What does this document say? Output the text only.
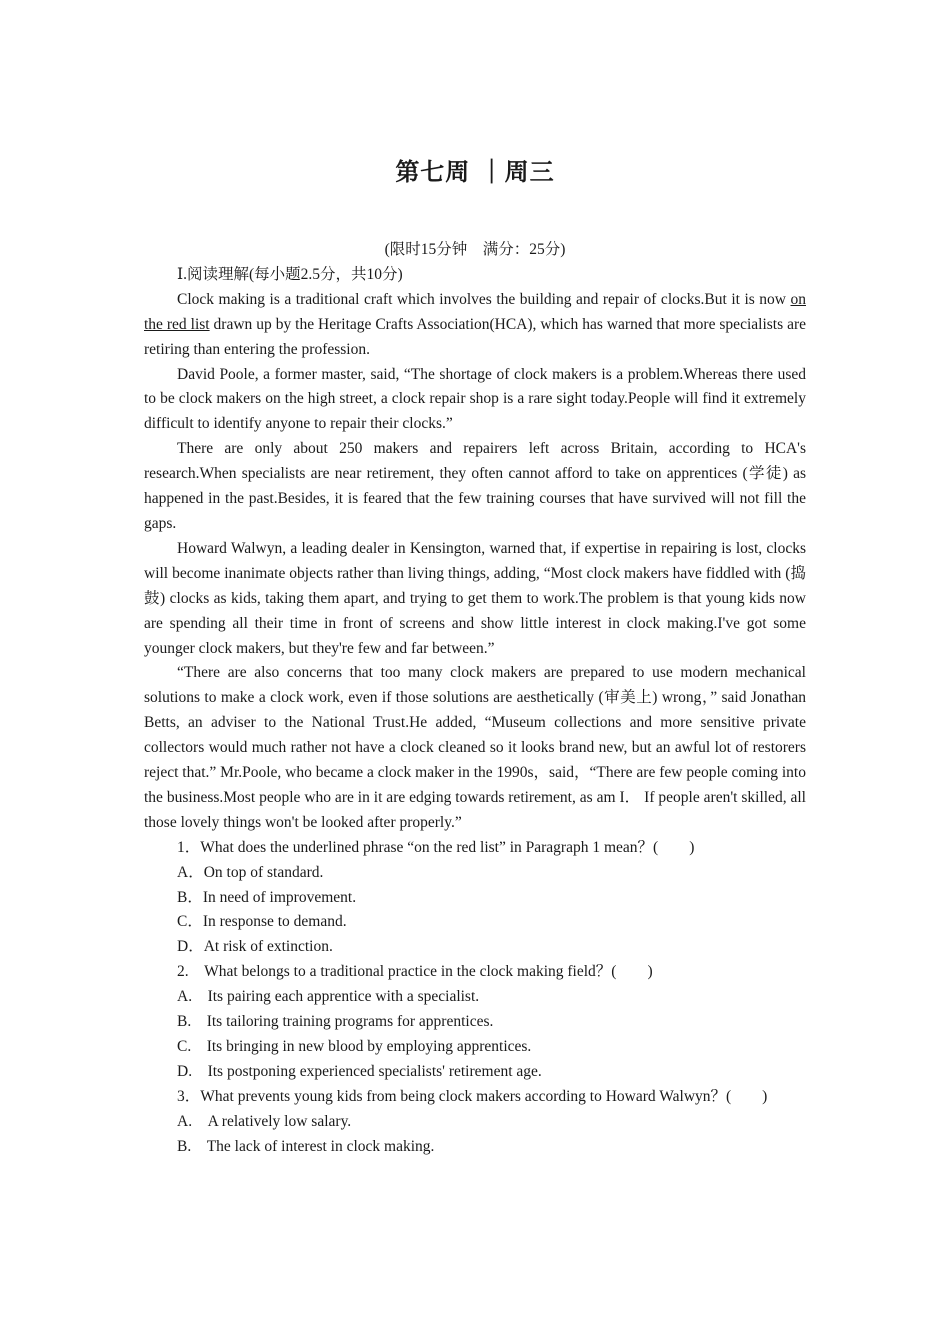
第七周 ｜周三

(限时15分钟　满分：25分)

Ⅰ.阅读理解(每小题2.5分，共10分)

Clock making is a traditional craft which involves the building and repair of clocks.But it is now on the red list drawn up by the Heritage Crafts Association(HCA), which has warned that more specialists are retiring than entering the profession.

David Poole, a former master, said, “The shortage of clock makers is a problem.Whereas there used to be clock makers on the high street, a clock repair shop is a rare sight today.People will find it extremely difficult to identify anyone to repair their clocks.”

There are only about 250 makers and repairers left across Britain, according to HCA's research.When specialists are near retirement, they often cannot afford to take on apprentices (学徒) as happened in the past.Besides, it is feared that the few training courses that have survived will not fill the gaps.

Howard Walwyn, a leading dealer in Kensington, warned that, if expertise in repairing is lost, clocks will become inanimate objects rather than living things, adding, “Most clock makers have fiddled with (捣鼓) clocks as kids, taking them apart, and trying to get them to work.The problem is that young kids now are spending all their time in front of screens and show little interest in clock making.I've got some younger clock makers, but they're few and far between.”

“There are also concerns that too many clock makers are prepared to use modern mechanical solutions to make a clock work, even if those solutions are aesthetically (审美上) wrong，” said Jonathan Betts, an adviser to the National Trust.He added, “Museum collections and more sensitive private collectors would much rather not have a clock cleaned so it looks brand new, but an awful lot of restorers reject that.” Mr.Poole, who became a clock maker in the 1990s，said，“There are few people coming into the business.Most people who are in it are edging towards retirement, as am I． If people aren't skilled, all those lovely things won't be looked after properly.”

1．What does the underlined phrase “on the red list” in Paragraph 1 mean？(　　)

A．On top of standard.

B．In need of improvement.

C．In response to demand.

D．At risk of extinction.

2.　What belongs to a traditional practice in the clock making field？(　　)

A.　Its pairing each apprentice with a specialist.

B.　Its tailoring training programs for apprentices.

C.　Its bringing in new blood by employing apprentices.

D.　Its postponing experienced specialists' retirement age.

3．What prevents young kids from being clock makers according to Howard Walwyn？(　　)

A.　A relatively low salary.

B.　The lack of interest in clock making.
